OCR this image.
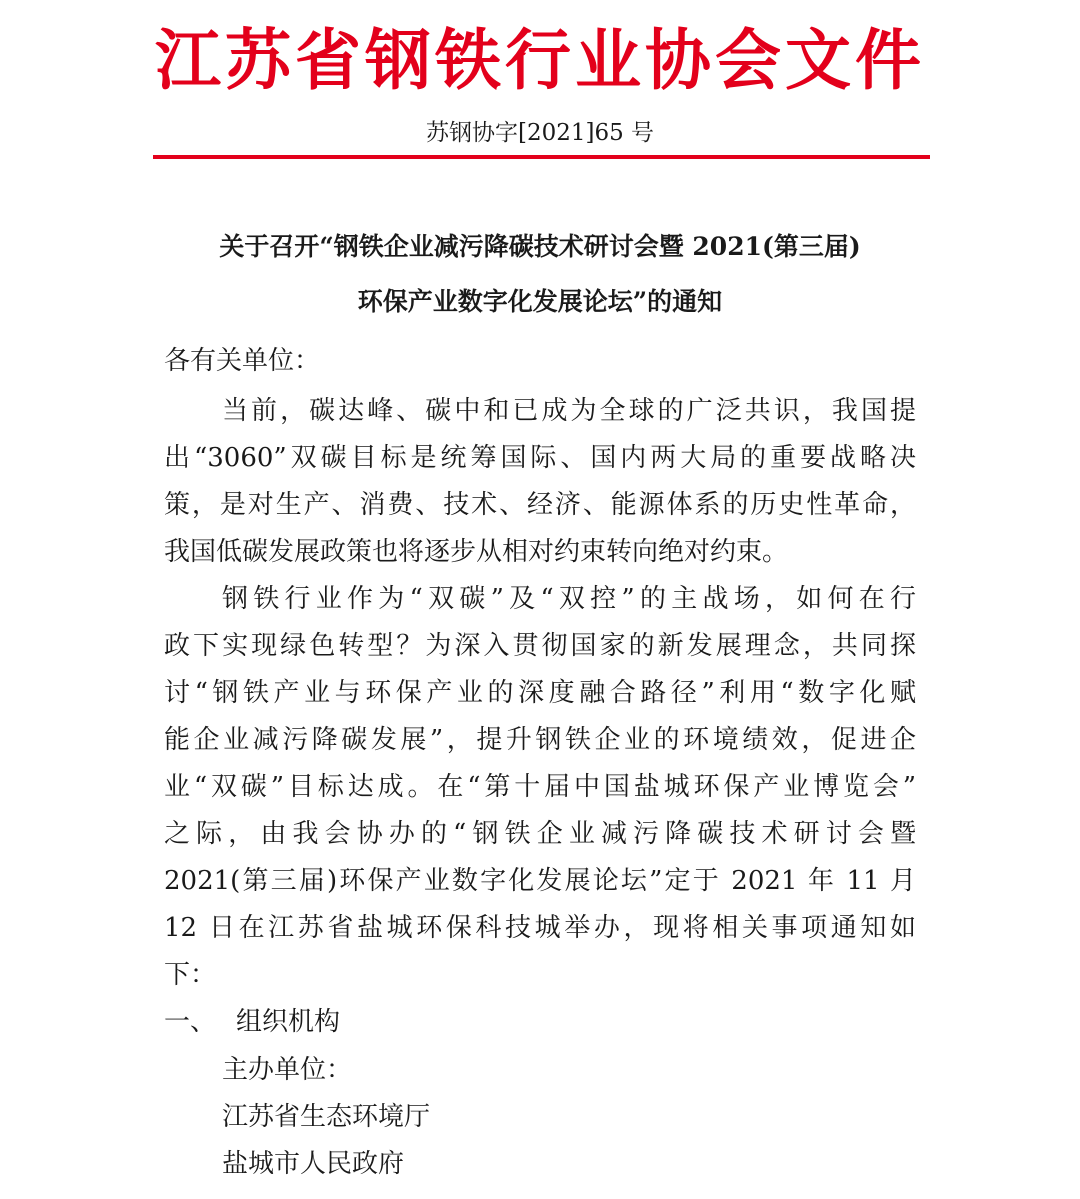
江苏省钢铁行业协会文件
苏钢协字[2021]65 号
关于召开“钢铁企业减污降碳技术研讨会暨 2021(第三届)
环保产业数字化发展论坛”的通知
各有关单位：
当前，碳达峰、碳中和已成为全球的广泛共识，我国提
出“3060”双碳目标是统筹国际、国内两大局的重要战略决
策，是对生产、消费、技术、经济、能源体系的历史性革命，
我国低碳发展政策也将逐步从相对约束转向绝对约束。
钢铁行业作为“双碳”及“双控”的主战场，如何在行
政下实现绿色转型？为深入贯彻国家的新发展理念，共同探
讨“钢铁产业与环保产业的深度融合路径”利用“数字化赋
能企业减污降碳发展”，提升钢铁企业的环境绩效，促进企
业“双碳”目标达成。在“第十届中国盐城环保产业博览会”
之际，由我会协办的“钢铁企业减污降碳技术研讨会暨
2021(第三届)环保产业数字化发展论坛”定于 2021 年 11 月
12 日在江苏省盐城环保科技城举办，现将相关事项通知如
下：
一、 组织机构
主办单位：
江苏省生态环境厅
盐城市人民政府
